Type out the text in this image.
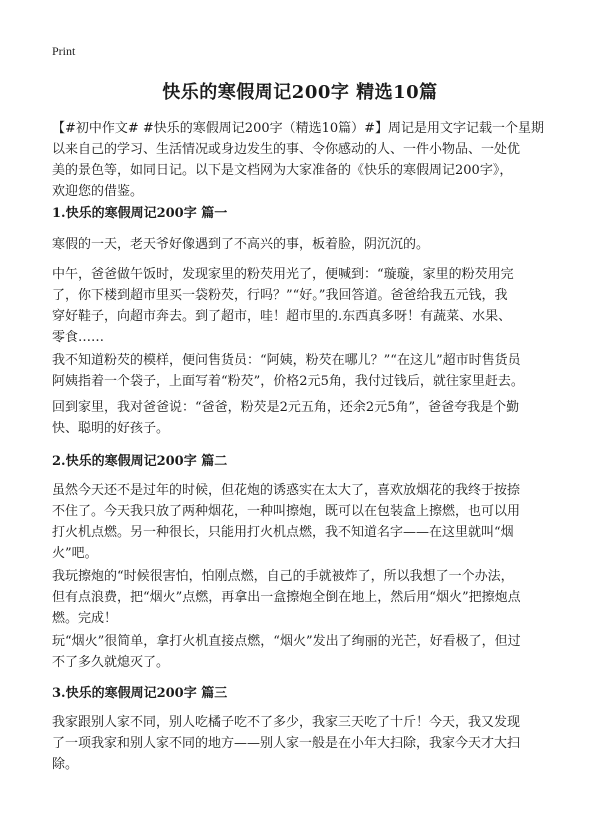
Print
快乐的寒假周记200字 精选10篇

【#初中作文# #快乐的寒假周记200字（精选10篇）#】周记是用文字记载一个星期
以来自己的学习、生活情况或身边发生的事、令你感动的人、一件小物品、一处优
美的景色等，如同日记。以下是文档网为大家准备的《快乐的寒假周记200字》，
欢迎您的借鉴。

1.快乐的寒假周记200字 篇一

寒假的一天，老天爷好像遇到了不高兴的事，板着脸，阴沉沉的。

中午，爸爸做午饭时，发现家里的粉芡用光了，便喊到：“璇璇，家里的粉芡用完
了，你下楼到超市里买一袋粉芡，行吗？”“好。”我回答道。爸爸给我五元钱，我
穿好鞋子，向超市奔去。到了超市，哇！超市里的.东西真多呀！有蔬菜、水果、
零食……

我不知道粉芡的模样，便问售货员：“阿姨，粉芡在哪儿？”“在这儿”超市时售货员
阿姨指着一个袋子，上面写着“粉芡”，价格2元5角，我付过钱后，就往家里赶去。

回到家里，我对爸爸说：“爸爸，粉芡是2元五角，还余2元5角”，爸爸夸我是个勤
快、聪明的好孩子。

2.快乐的寒假周记200字 篇二

虽然今天还不是过年的时候，但花炮的诱惑实在太大了，喜欢放烟花的我终于按捺
不住了。今天我只放了两种烟花，一种叫擦炮，既可以在包装盒上擦燃，也可以用
打火机点燃。另一种很长，只能用打火机点燃，我不知道名字——在这里就叫“烟
火”吧。

我玩擦炮的“时候很害怕，怕刚点燃，自己的手就被炸了，所以我想了一个办法，
但有点浪费，把“烟火”点燃，再拿出一盒擦炮全倒在地上，然后用“烟火”把擦炮点
燃。完成！

玩“烟火”很简单，拿打火机直接点燃，“烟火”发出了绚丽的光芒，好看极了，但过
不了多久就熄灭了。

3.快乐的寒假周记200字 篇三

我家跟别人家不同，别人吃橘子吃不了多少，我家三天吃了十斤！今天，我又发现
了一项我家和别人家不同的地方——别人家一般是在小年大扫除，我家今天才大扫
除。
